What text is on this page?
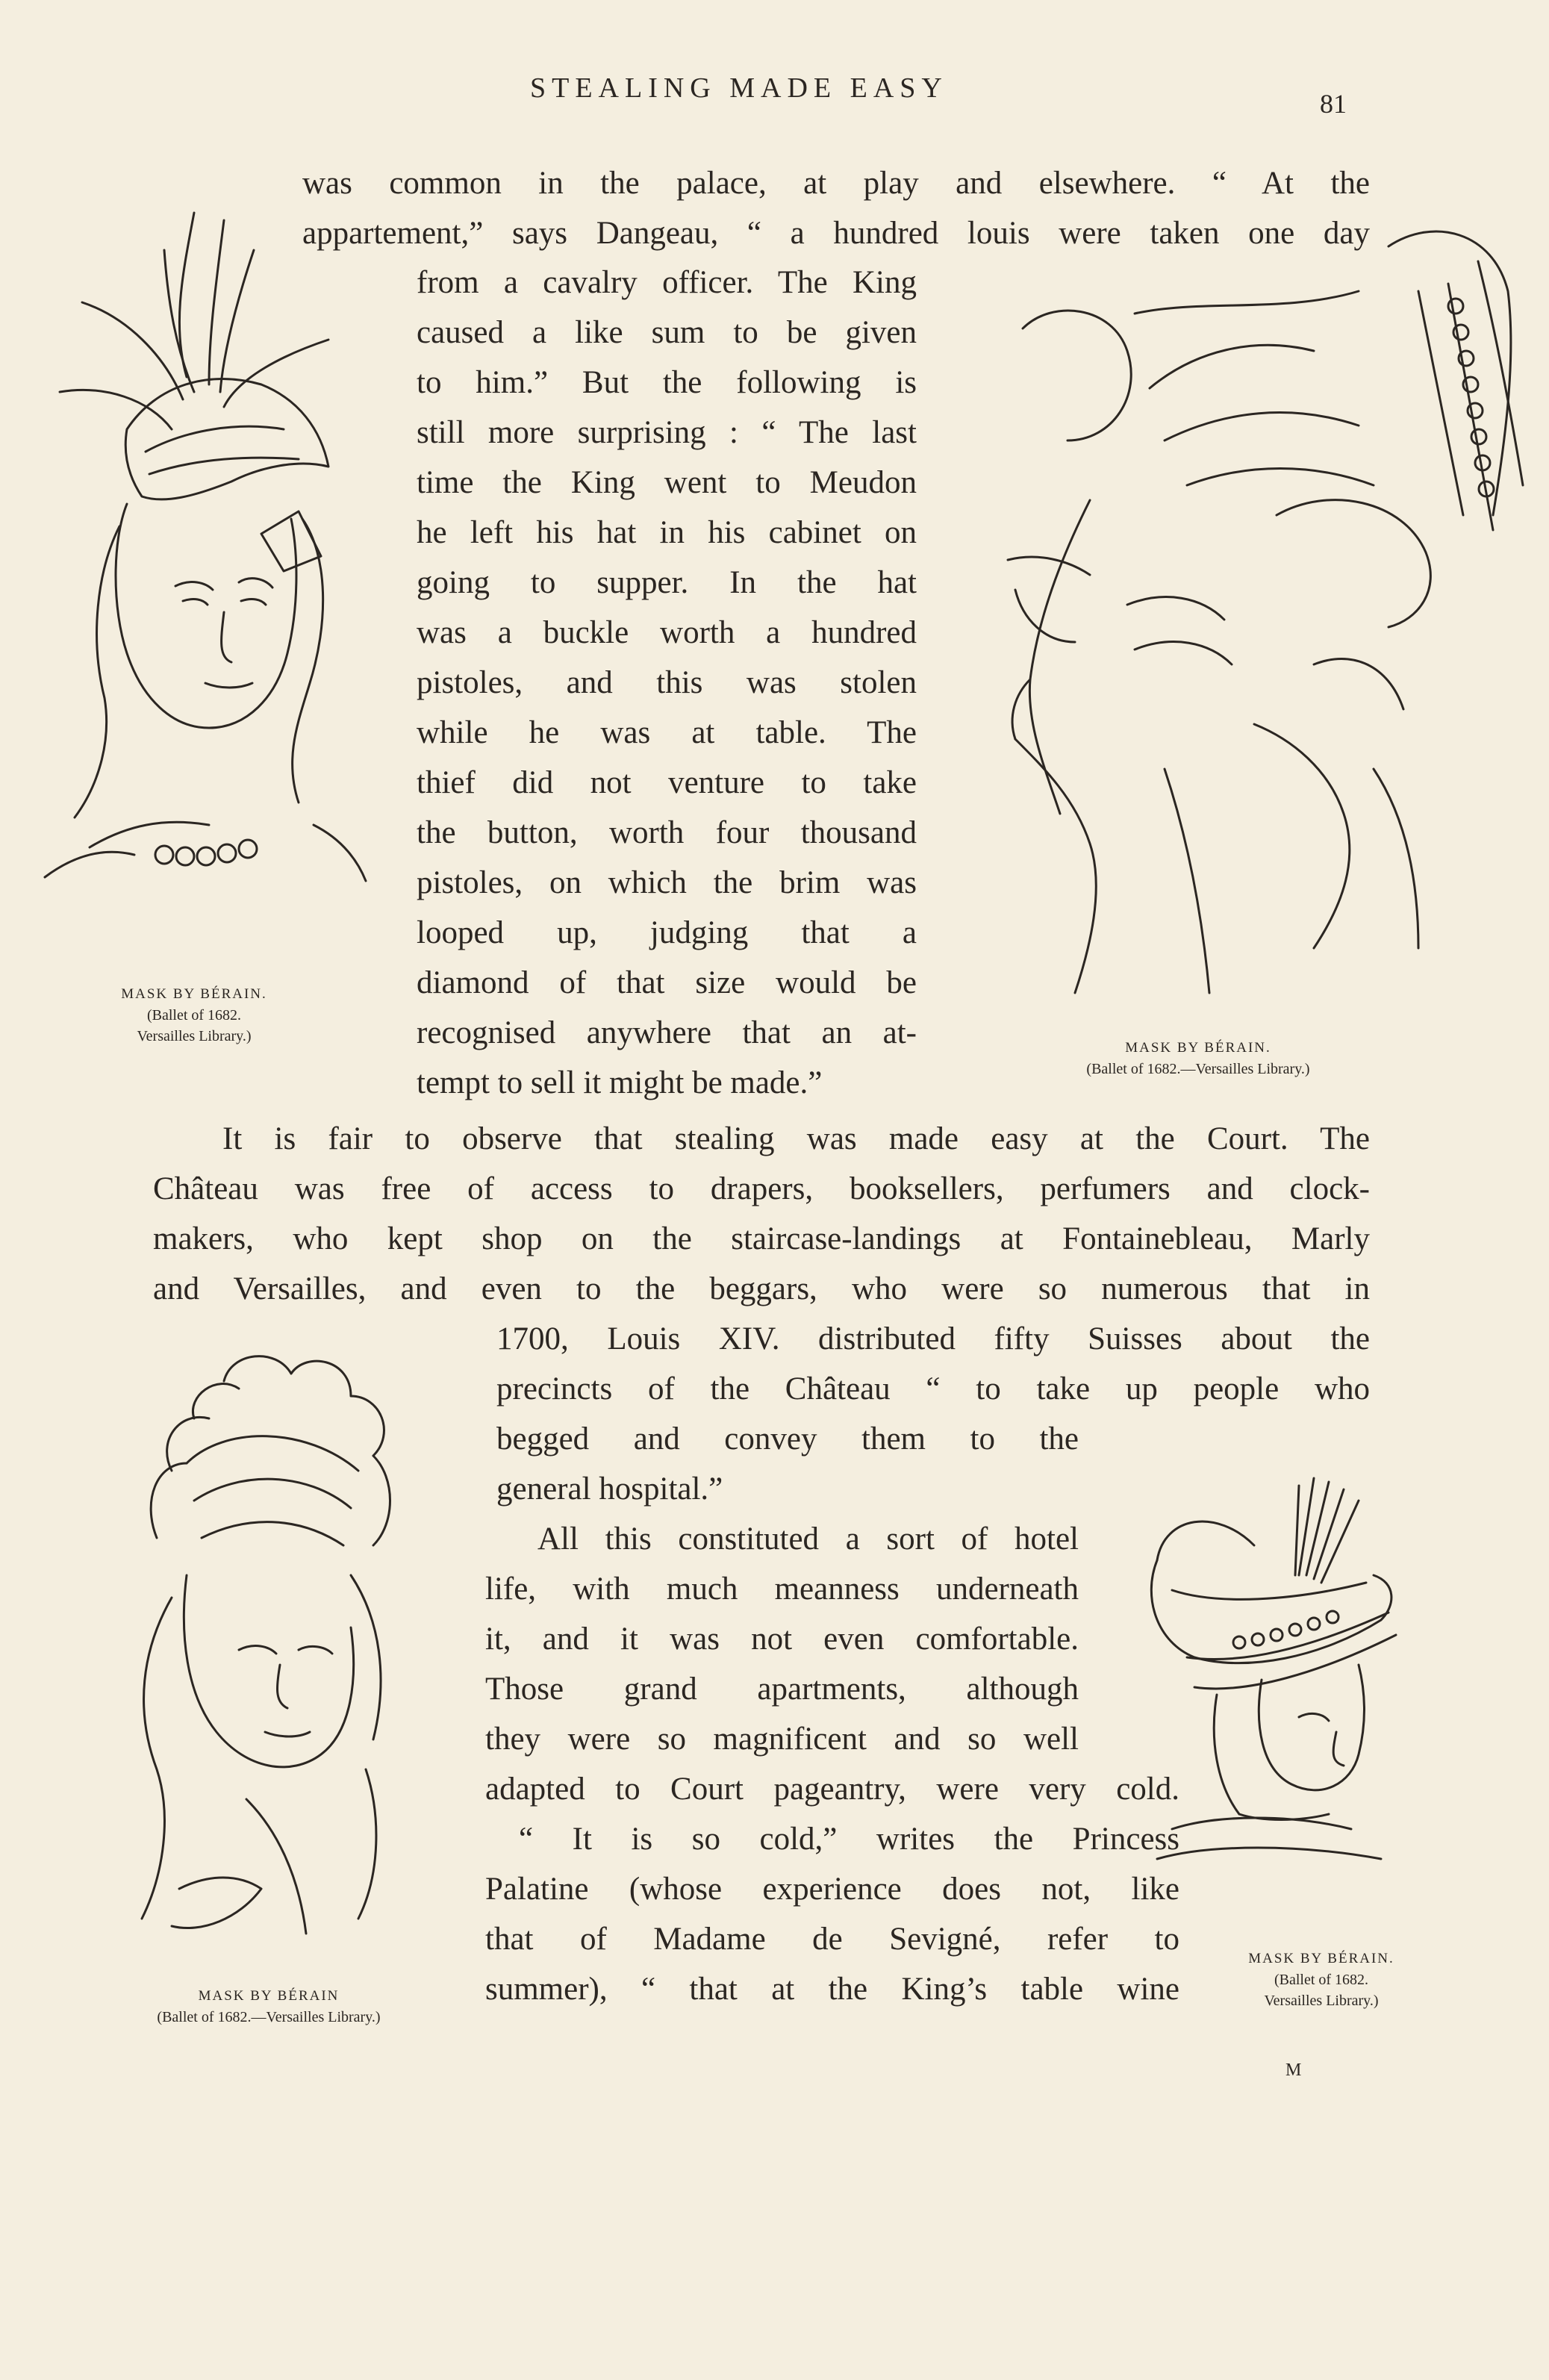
STEALING MADE EASY	81
was common in the palace, at play and elsewhere. “ At the
appartement,” says Dangeau, “ a hundred louis were taken one day
from a cavalry officer. The King
caused a like sum to be given
to him.” But the following is
still more surprising : “ The last
time the King went to Meudon
he left his hat in his cabinet on
going to supper. In the hat
was a buckle worth a hundred
pistoles, and this was stolen
while he was at table. The
thief did not venture to take
the button, worth four thousand
pistoles, on which the brim was
looped up, judging that a
diamond of that size would be
recognised anywhere that an at-
tempt to sell it might be made.”
It is fair to observe that stealing was made easy at the Court. The
Château was free of access to drapers, booksellers, perfumers and clock-
makers, who kept shop on the staircase-landings at Fontainebleau, Marly
and Versailles, and even to the beggars, who were so numerous that in
1700, Louis XIV. distributed fifty Suisses about the
precincts of the Château “ to take up people who
begged and convey them to the
general hospital.”
All this constituted a sort of hotel
life, with much meanness underneath
it, and it was not even comfortable.
Those grand apartments, although
they were so magnificent and so well
adapted to Court pageantry, were very cold.
“ It is so cold,” writes the Princess
Palatine (whose experience does not, like
that of Madame de Sevigné, refer to
summer), “ that at the King’s table wine
MASK BY BÉRAIN.
(Ballet of 1682.
Versailles Library.)
MASK BY BÉRAIN.
(Ballet of 1682.—Versailles Library.)
MASK BY BÉRAIN
(Ballet of 1682.—Versailles Library.)
MASK BY BÉRAIN.
(Ballet of 1682.
Versailles Library.)
M
